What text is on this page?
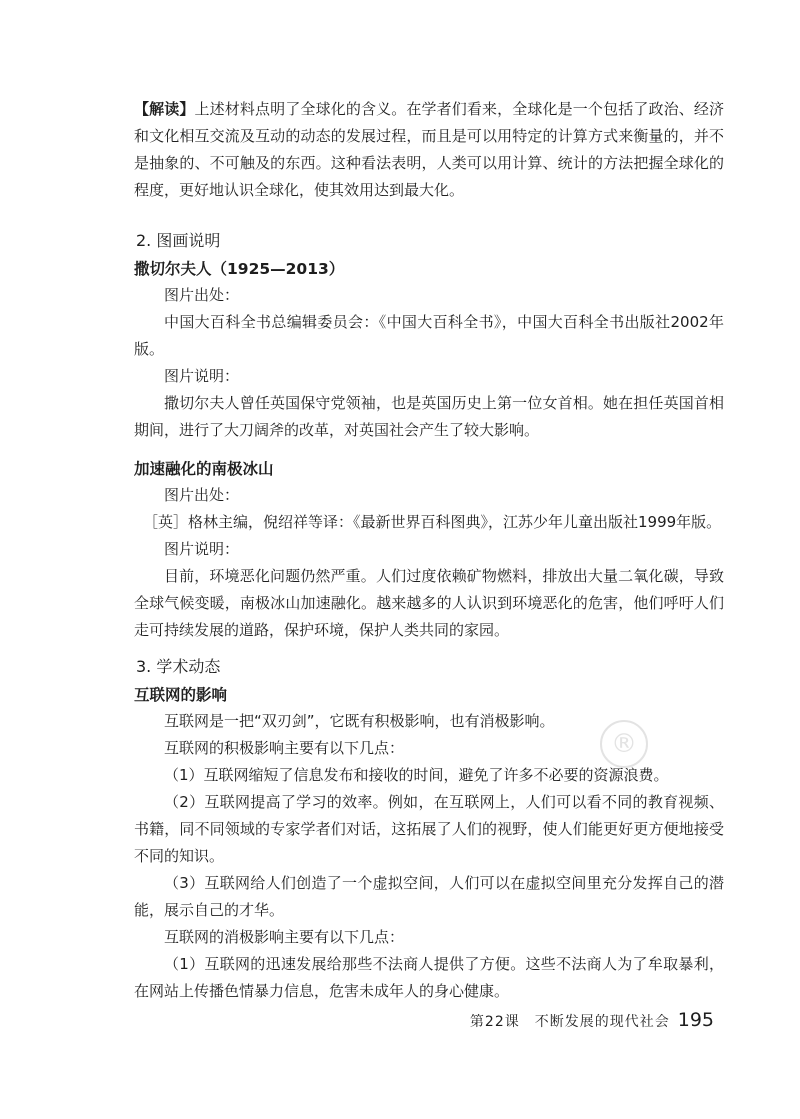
【解读】上述材料点明了全球化的含义。在学者们看来，全球化是一个包括了政治、经济和文化相互交流及互动的动态的发展过程，而且是可以用特定的计算方式来衡量的，并不是抽象的、不可触及的东西。这种看法表明，人类可以用计算、统计的方法把握全球化的程度，更好地认识全球化，使其效用达到最大化。

2. 图画说明
撒切尔夫人（1925—2013）

图片出处：

中国大百科全书总编辑委员会：《中国大百科全书》，中国大百科全书出版社2002年版。

图片说明：

撒切尔夫人曾任英国保守党领袖，也是英国历史上第一位女首相。她在担任英国首相期间，进行了大刀阔斧的改革，对英国社会产生了较大影响。

加速融化的南极冰山

图片出处：

［英］格林主编，倪绍祥等译：《最新世界百科图典》，江苏少年儿童出版社1999年版。

图片说明：

目前，环境恶化问题仍然严重。人们过度依赖矿物燃料，排放出大量二氧化碳，导致全球气候变暖，南极冰山加速融化。越来越多的人认识到环境恶化的危害，他们呼吁人们走可持续发展的道路，保护环境，保护人类共同的家园。

3. 学术动态
互联网的影响

互联网是一把“双刃剑”，它既有积极影响，也有消极影响。

互联网的积极影响主要有以下几点：

（1）互联网缩短了信息发布和接收的时间，避免了许多不必要的资源浪费。

（2）互联网提高了学习的效率。例如，在互联网上，人们可以看不同的教育视频、书籍，同不同领域的专家学者们对话，这拓展了人们的视野，使人们能更好更方便地接受不同的知识。

（3）互联网给人们创造了一个虚拟空间，人们可以在虚拟空间里充分发挥自己的潜能，展示自己的才华。

互联网的消极影响主要有以下几点：

（1）互联网的迅速发展给那些不法商人提供了方便。这些不法商人为了牟取暴利，在网站上传播色情暴力信息，危害未成年人的身心健康。

®
第22课　不断发展的现代社会 195
